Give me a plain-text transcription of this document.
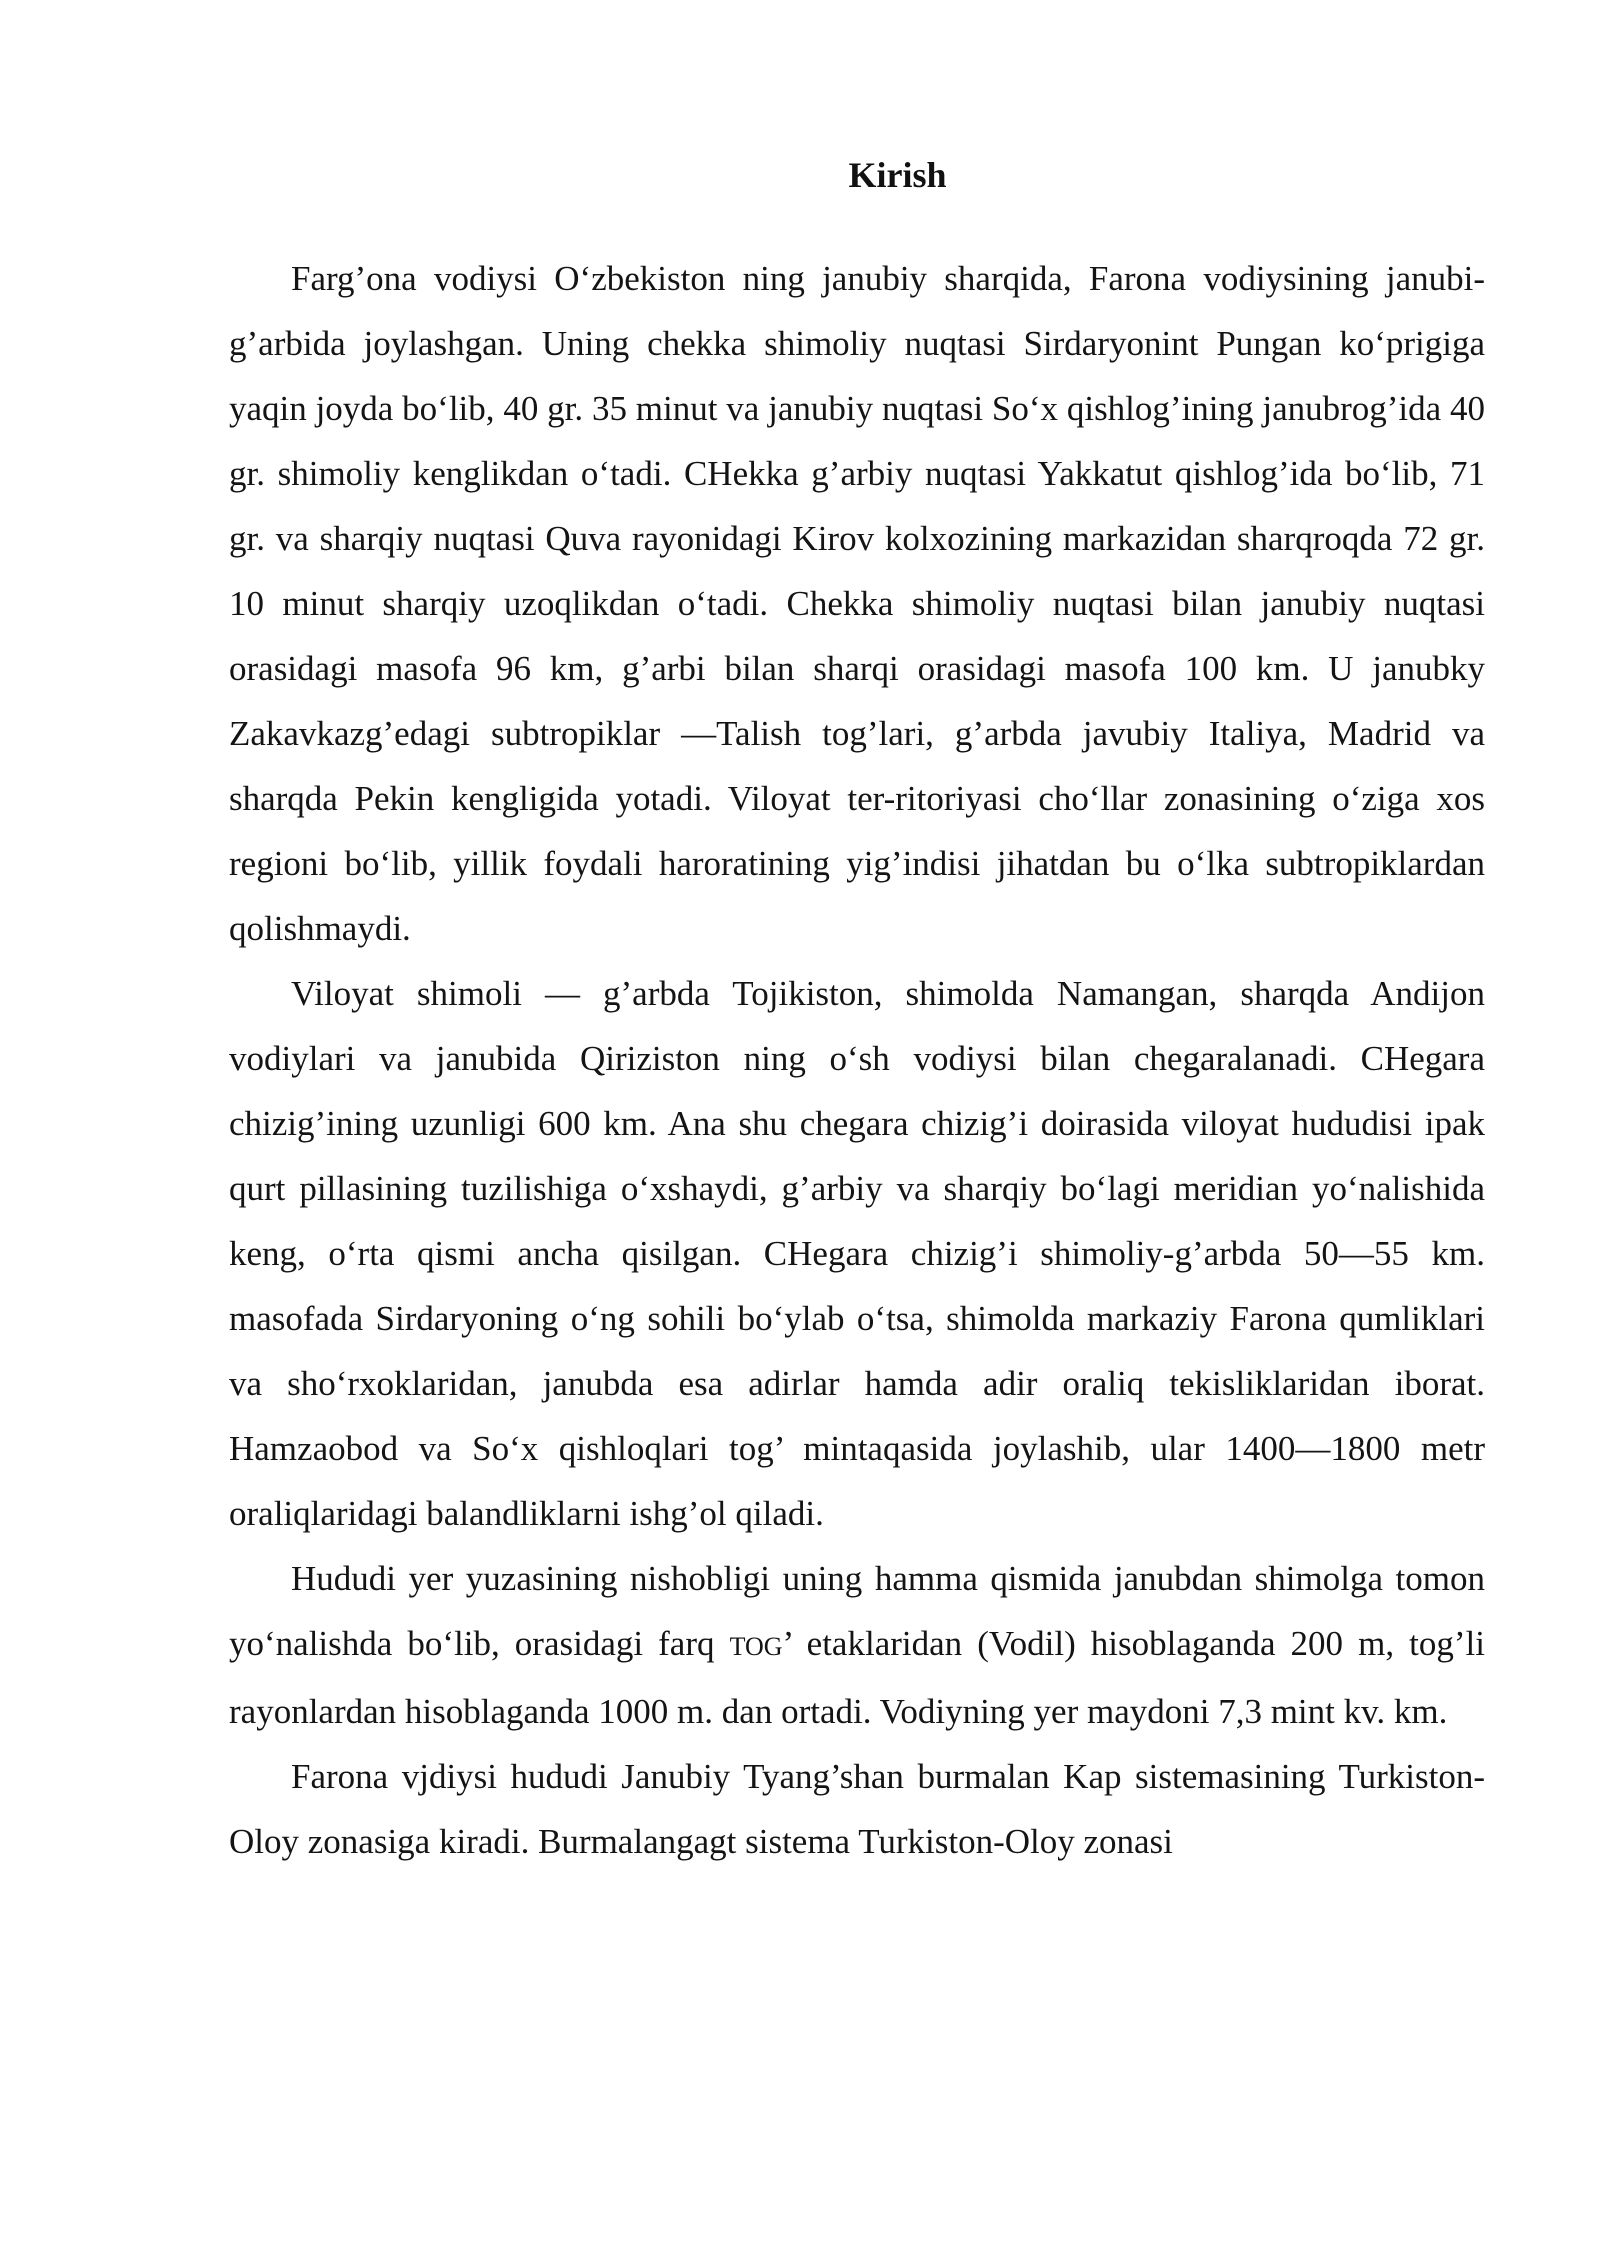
Kirish

Farg’ona vodiysi O‘zbekiston ning janubiy sharqida, Farona vodiysining janubi-g’arbida joylashgan. Uning chekka shimoliy nuqtasi Sirdaryonint Pungan ko‘prigiga yaqin joyda bo‘lib, 40 gr. 35 minut va janubiy nuqtasi So‘x qishlog’ining janubrog’ida 40 gr. shimoliy kenglikdan o‘tadi. CHekka g’arbiy nuqtasi Yakkatut qishlog’ida bo‘lib, 71 gr. va sharqiy nuqtasi Quva rayonidagi Kirov kolxozining markazidan sharqroqda 72 gr. 10 minut sharqiy uzoqlikdan o‘tadi. Chekka shimoliy nuqtasi bilan janubiy nuqtasi orasidagi masofa 96 km, g’arbi bilan sharqi orasidagi masofa 100 km. U janubky Zakavkazg’edagi subtropiklar —Talish tog’lari, g’arbda javubiy Italiya, Madrid va sharqda Pekin kengligida yotadi. Viloyat ter-ritoriyasi cho‘llar zonasining o‘ziga xos regioni bo‘lib, yillik foydali haroratining yig’indisi jihatdan bu o‘lka subtropiklardan qolishmaydi.

Viloyat shimoli — g’arbda Tojikiston, shimolda Namangan, sharqda Andijon vodiylari va janubida Qiriziston ning o‘sh vodiysi bilan chegaralanadi. CHegara chizig’ining uzunligi 600 km. Ana shu chegara chizig’i doirasida viloyat hududisi ipak qurt pillasining tuzilishiga o‘xshaydi, g’arbiy va sharqiy bo‘lagi meridian yo‘nalishida keng, o‘rta qismi ancha qisilgan. CHegara chizig’i shimoliy-g’arbda 50—55 km. masofada Sirdaryoning o‘ng sohili bo‘ylab o‘tsa, shimolda markaziy Farona qumliklari va sho‘rxoklaridan, janubda esa adirlar hamda adir oraliq tekisliklaridan iborat. Hamzaobod va So‘x qishloqlari tog’ mintaqasida joylashib, ular 1400—1800 metr oraliqlaridagi balandliklarni ishg’ol qiladi.

Hududi yer yuzasining nishobligi uning hamma qismida janubdan shimolga tomon yo‘nalishda bo‘lib, orasidagi farq TOG’ etaklaridan (Vodil) hisoblaganda 200 m, tog’li rayonlardan hisoblaganda 1000 m. dan ortadi. Vodiyning yer maydoni 7,3 mint kv. km.

Farona vjdiysi hududi Janubiy Tyang’shan burmalan Kap sistemasining Turkiston-Oloy zonasiga kiradi. Burmalangagt sistema Turkiston-Oloy zonasi
